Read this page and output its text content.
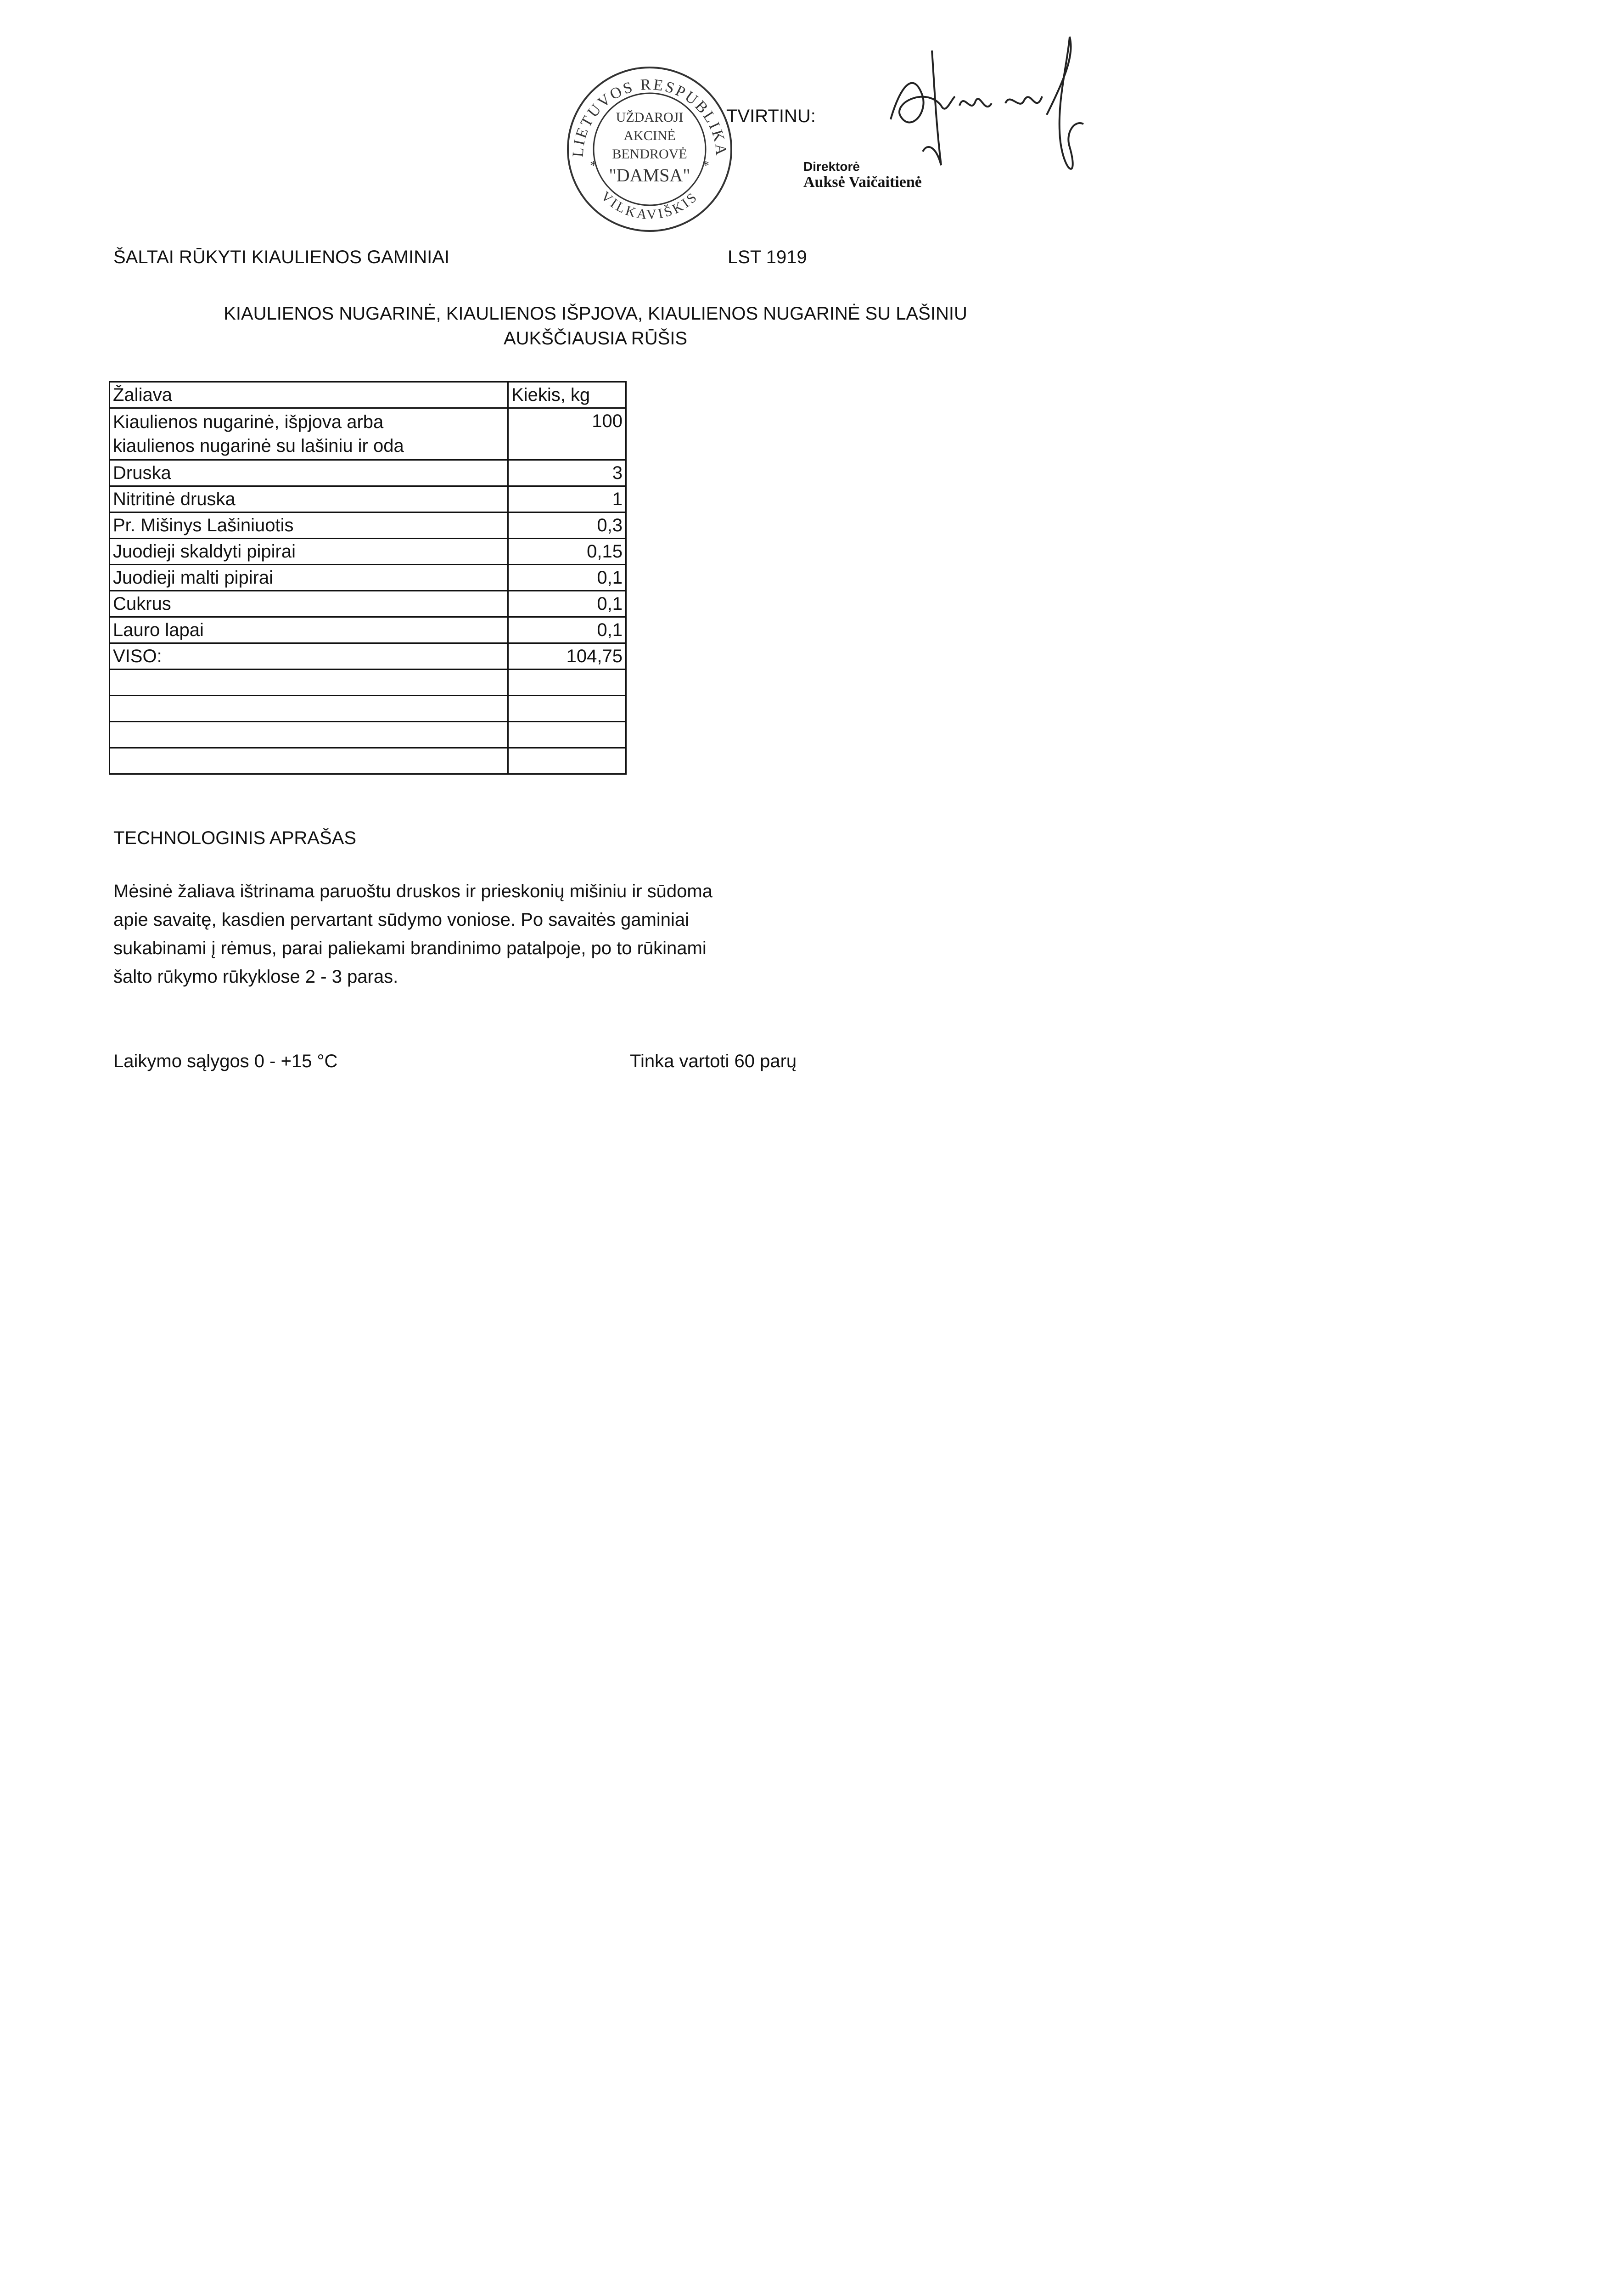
LIETUVOS RESPUBLIKA
VILKAVIŠKIS
UŽDAROJI
AKCINĖ
BENDROVĖ
"DAMSA"
*	*
TVIRTINU:
Direktorė
Auksė Vaičaitienė
ŠALTAI RŪKYTI KIAULIENOS GAMINIAI	LST 1919
KIAULIENOS NUGARINĖ, KIAULIENOS IŠPJOVA, KIAULIENOS NUGARINĖ SU LAŠINIU
AUKŠČIAUSIA RŪŠIS
Žaliava	Kiekis, kg

Kiaulienos nugarinė, išpjova arba
kiaulienos nugarinė su lašiniu ir oda	100
Druska	3
Nitritinė druska	1
Pr. Mišinys Lašiniuotis	0,3
Juodieji skaldyti pipirai	0,15
Juodieji malti pipirai	0,1
Cukrus	0,1
Lauro lapai	0,1
VISO:	104,75

TECHNOLOGINIS APRAŠAS
Mėsinė žaliava ištrinama paruoštu druskos ir prieskonių mišiniu ir sūdoma
apie savaitę, kasdien pervartant sūdymo voniose. Po savaitės gaminiai
sukabinami į rėmus, parai paliekami brandinimo patalpoje, po to rūkinami
šalto rūkymo rūkyklose 2 - 3 paras.
Laikymo sąlygos 0 - +15 °C	Tinka vartoti 60 parų
